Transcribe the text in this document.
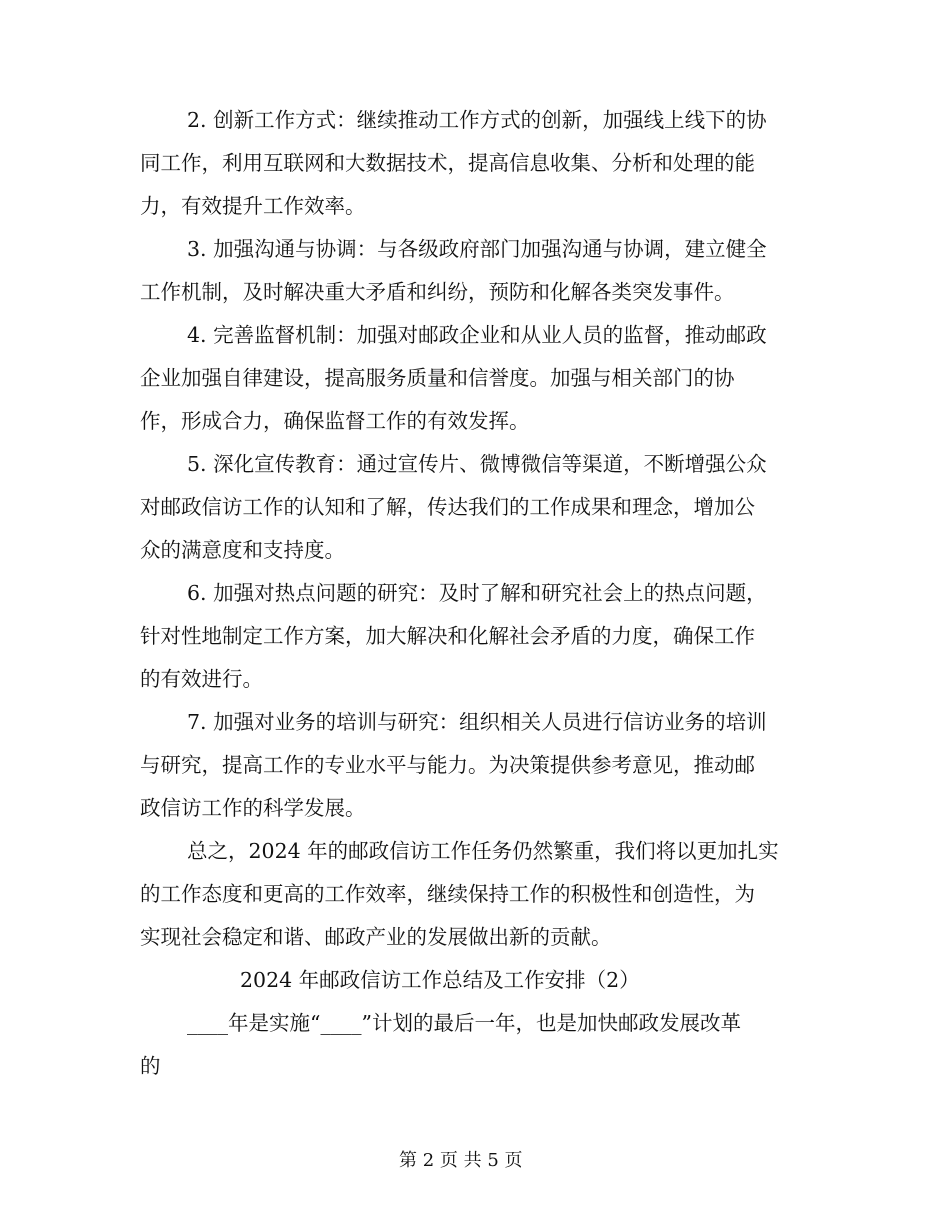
2. 创新工作方式：继续推动工作方式的创新，加强线上线下的协
同工作，利用互联网和大数据技术，提高信息收集、分析和处理的能
力，有效提升工作效率。
3. 加强沟通与协调：与各级政府部门加强沟通与协调，建立健全
工作机制，及时解决重大矛盾和纠纷，预防和化解各类突发事件。
4. 完善监督机制：加强对邮政企业和从业人员的监督，推动邮政
企业加强自律建设，提高服务质量和信誉度。加强与相关部门的协
作，形成合力，确保监督工作的有效发挥。
5. 深化宣传教育：通过宣传片、微博微信等渠道，不断增强公众
对邮政信访工作的认知和了解，传达我们的工作成果和理念，增加公
众的满意度和支持度。
6. 加强对热点问题的研究：及时了解和研究社会上的热点问题，
针对性地制定工作方案，加大解决和化解社会矛盾的力度，确保工作
的有效进行。
7. 加强对业务的培训与研究：组织相关人员进行信访业务的培训
与研究，提高工作的专业水平与能力。为决策提供参考意见，推动邮
政信访工作的科学发展。
总之，2024 年的邮政信访工作任务仍然繁重，我们将以更加扎实
的工作态度和更高的工作效率，继续保持工作的积极性和创造性，为
实现社会稳定和谐、邮政产业的发展做出新的贡献。
2024 年邮政信访工作总结及工作安排（2）
____年是实施“____”计划的最后一年，也是加快邮政发展改革
的
第 2 页 共 5 页
